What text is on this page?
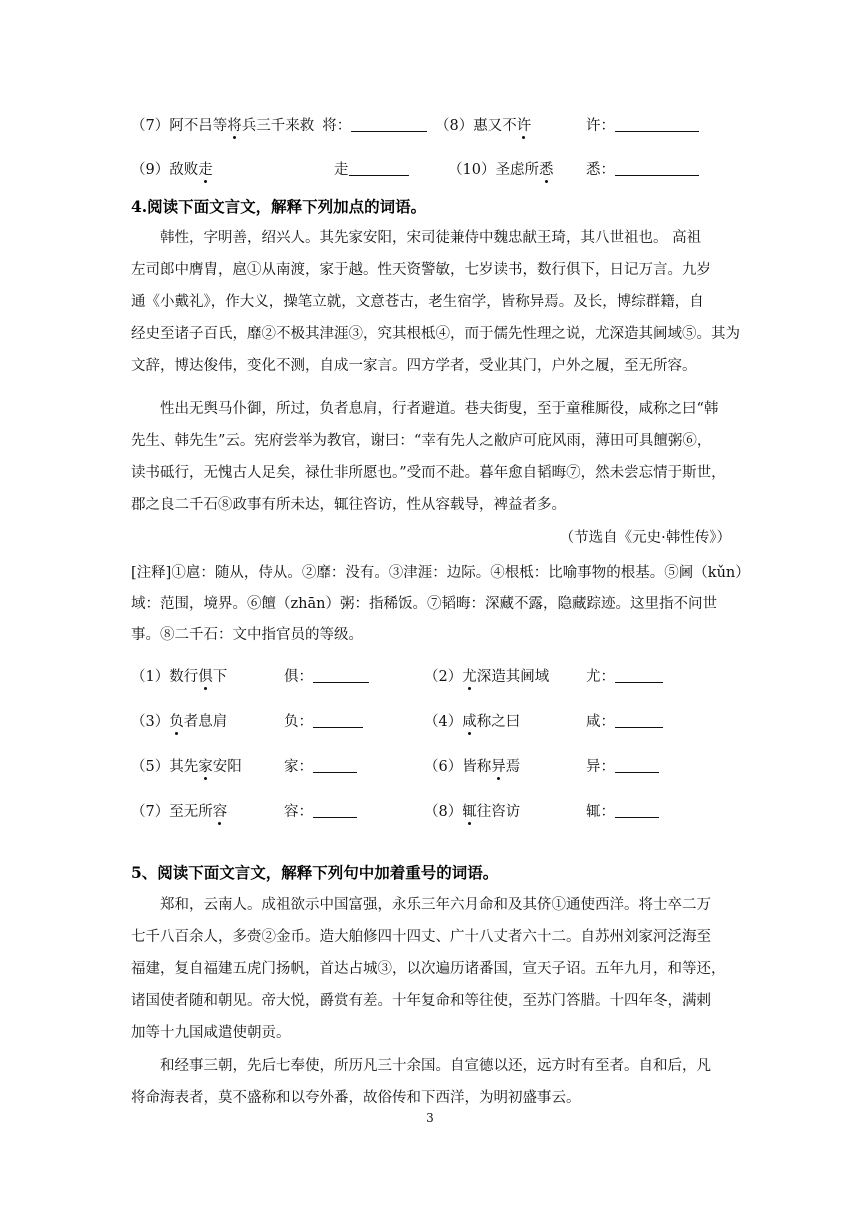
（7）阿不吕等将兵三千来救 将：	（8）惠又不许	许：
（9）敌败走	走	（10）圣虑所悉 悉：
4.阅读下面文言文，解释下列加点的词语。
韩性，字明善，绍兴人。其先家安阳，宋司徒兼侍中魏忠献王琦，其八世祖也。 高祖
左司郎中膺胄，扈①从南渡，家于越。性天资警敏，七岁读书，数行俱下，日记万言。九岁
通《小戴礼》，作大义，操笔立就，文意苍古，老生宿学，皆称异焉。及长，博综群籍，自
经史至诸子百氏，靡②不极其津涯③，究其根柢④，而于儒先性理之说，尤深造其阃域⑤。其为
文辞，博达俊伟，变化不测，自成一家言。四方学者，受业其门，户外之履，至无所容。
性出无舆马仆御，所过，负者息肩，行者避道。巷夫街叟，至于童稚厮役，咸称之曰“韩
先生、韩先生”云。宪府尝举为教官，谢曰：“幸有先人之敝庐可庇风雨，薄田可具饘粥⑥，
读书砥行，无愧古人足矣，禄仕非所愿也。”受而不赴。暮年愈自韬晦⑦，然未尝忘情于斯世，
郡之良二千石⑧政事有所未达，辄往咨访，性从容载导，裨益者多。
（节选自《元史·韩性传》）
[注释]①扈：随从，侍从。②靡：没有。③津涯：边际。④根柢：比喻事物的根基。⑤阃（kǔn）
域：范围，境界。⑥饘（zhān）粥：指稀饭。⑦韬晦：深藏不露，隐藏踪迹。这里指不问世
事。⑧二千石：文中指官员的等级。
（1）数行俱下	俱：	（2）尤深造其阃域	尤：
（3）负者息肩	负：	（4）咸称之曰	咸：
（5）其先家安阳	家：	（6）皆称异焉	异：
（7）至无所容	容：	（8）辄往咨访	辄：
5、阅读下面文言文，解释下列句中加着重号的词语。
郑和，云南人。成祖欲示中国富强，永乐三年六月命和及其侪①通使西洋。将士卒二万
七千八百余人，多赍②金币。造大舶修四十四丈、广十八丈者六十二。自苏州刘家河泛海至
福建，复自福建五虎门扬帆，首达占城③，以次遍历诸番国，宣天子诏。五年九月，和等还，
诸国使者随和朝见。帝大悦，爵赏有差。十年复命和等往使，至苏门答腊。十四年冬，满剌
加等十九国咸遣使朝贡。
和经事三朝，先后七奉使，所历凡三十余国。自宣德以还，远方时有至者。自和后，凡
将命海表者，莫不盛称和以夸外番，故俗传和下西洋，为明初盛事云。
3
